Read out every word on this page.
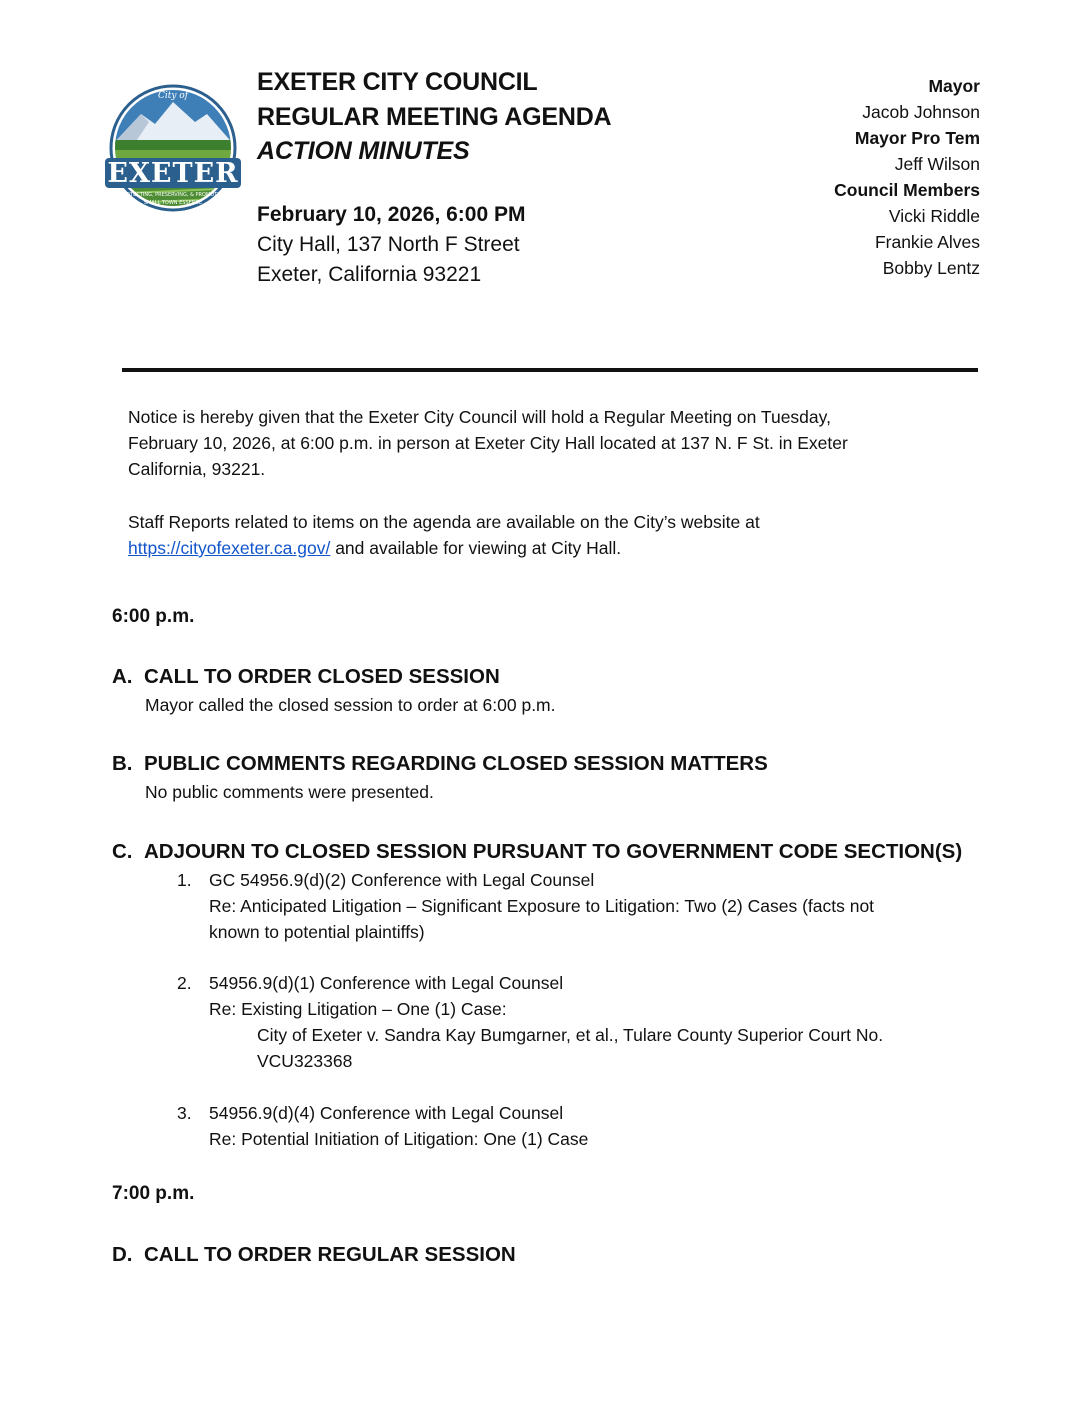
City of
EXETER
PROTECTING, PRESERVING, & PROMOTING
SMALL TOWN ESSENCE
EXETER CITY COUNCIL
REGULAR MEETING AGENDA
ACTION MINUTES
February 10, 2026, 6:00 PM
City Hall, 137 North F Street
Exeter, California 93221
Mayor
Jacob Johnson
Mayor Pro Tem
Jeff Wilson
Council Members
Vicki Riddle
Frankie Alves
Bobby Lentz
Notice is hereby given that the Exeter City Council will hold a Regular Meeting on Tuesday,
February 10, 2026, at 6:00 p.m. in person at Exeter City Hall located at 137 N. F St. in Exeter
California, 93221.
Staff Reports related to items on the agenda are available on the City’s website at
https://cityofexeter.ca.gov/ and available for viewing at City Hall.
6:00 p.m.
A. CALL TO ORDER CLOSED SESSION
Mayor called the closed session to order at 6:00 p.m.
B. PUBLIC COMMENTS REGARDING CLOSED SESSION MATTERS
No public comments were presented.
C. ADJOURN TO CLOSED SESSION PURSUANT TO GOVERNMENT CODE SECTION(S)
1. GC 54956.9(d)(2) Conference with Legal Counsel
Re: Anticipated Litigation – Significant Exposure to Litigation: Two (2) Cases (facts not
known to potential plaintiffs)
2. 54956.9(d)(1) Conference with Legal Counsel
Re: Existing Litigation – One (1) Case:
City of Exeter v. Sandra Kay Bumgarner, et al., Tulare County Superior Court No.
VCU323368
3. 54956.9(d)(4) Conference with Legal Counsel
Re: Potential Initiation of Litigation: One (1) Case
7:00 p.m.
D. CALL TO ORDER REGULAR SESSION
